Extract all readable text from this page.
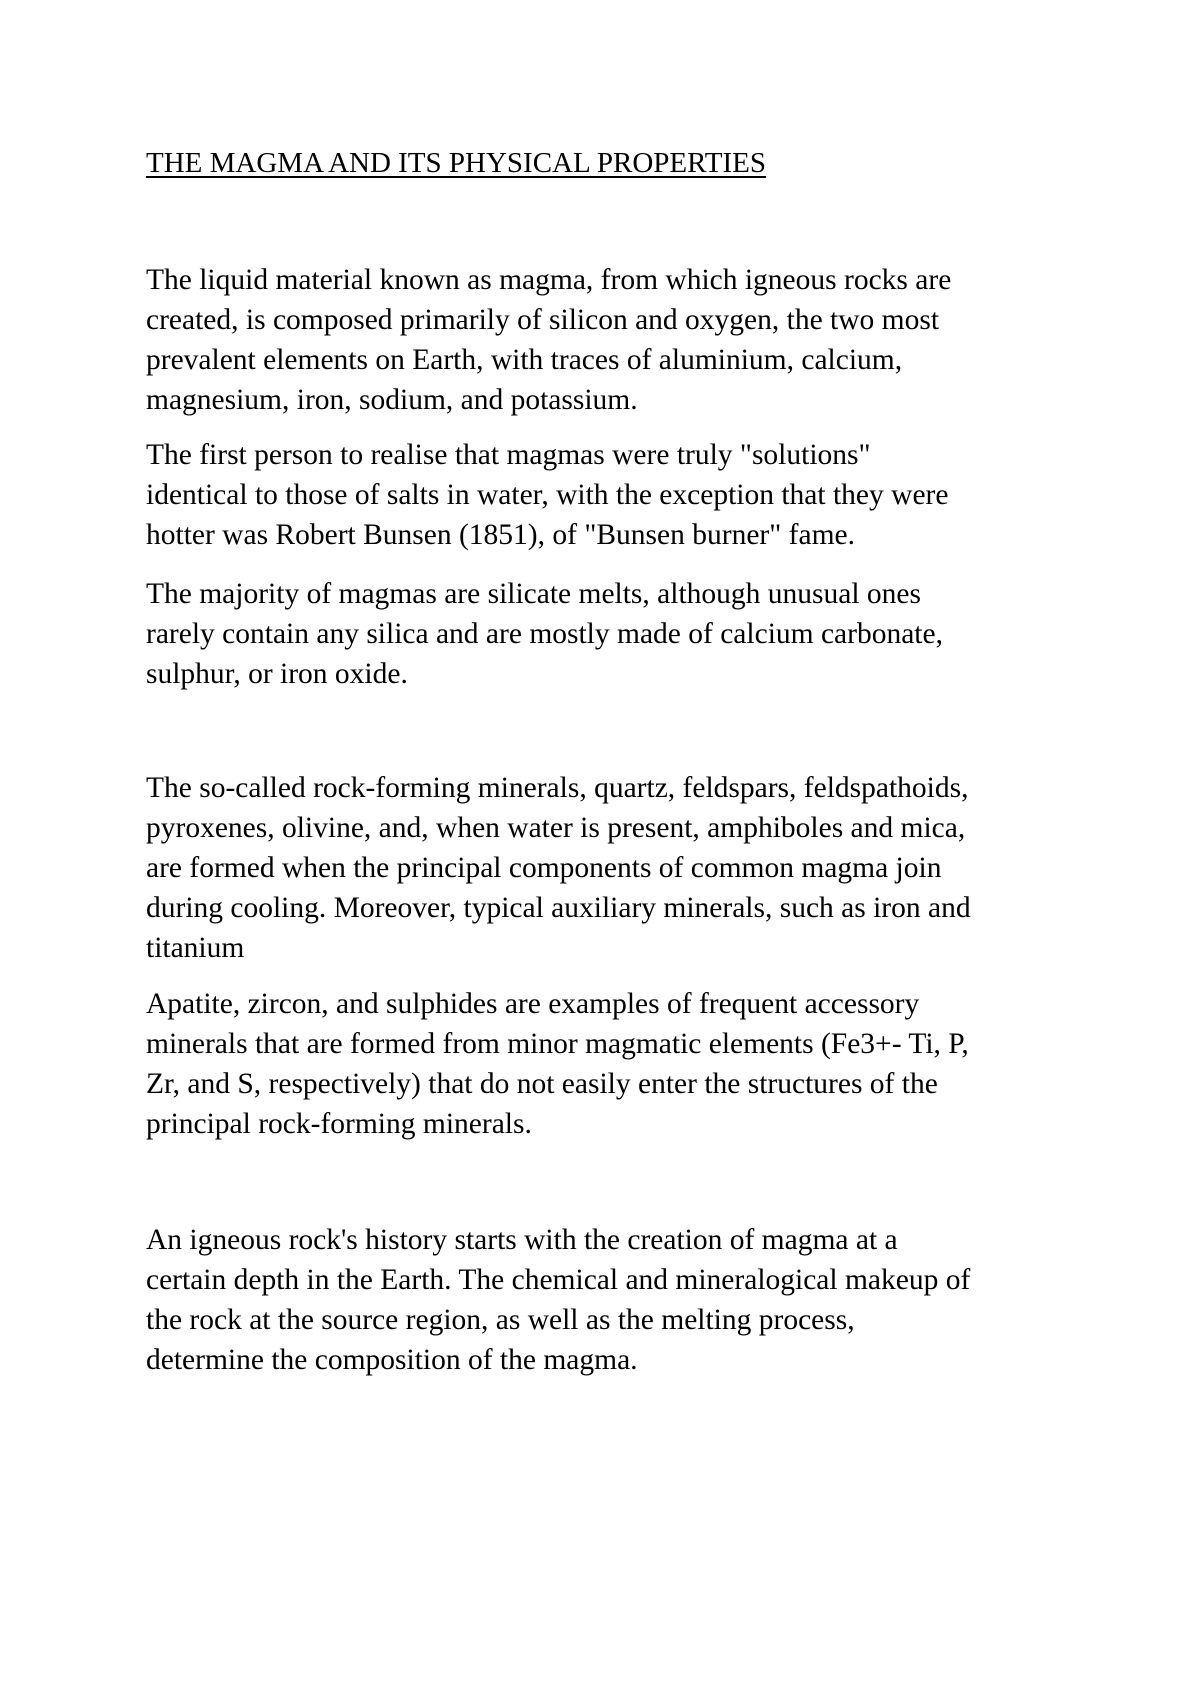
THE MAGMA AND ITS PHYSICAL PROPERTIES

The liquid material known as magma, from which igneous rocks are
created, is composed primarily of silicon and oxygen, the two most
prevalent elements on Earth, with traces of aluminium, calcium,
magnesium, iron, sodium, and potassium.

The first person to realise that magmas were truly "solutions"
identical to those of salts in water, with the exception that they were
hotter was Robert Bunsen (1851), of "Bunsen burner" fame.

The majority of magmas are silicate melts, although unusual ones
rarely contain any silica and are mostly made of calcium carbonate,
sulphur, or iron oxide.

The so-called rock-forming minerals, quartz, feldspars, feldspathoids,
pyroxenes, olivine, and, when water is present, amphiboles and mica,
are formed when the principal components of common magma join
during cooling. Moreover, typical auxiliary minerals, such as iron and
titanium

Apatite, zircon, and sulphides are examples of frequent accessory
minerals that are formed from minor magmatic elements (Fe3+- Ti, P,
Zr, and S, respectively) that do not easily enter the structures of the
principal rock-forming minerals.

An igneous rock's history starts with the creation of magma at a
certain depth in the Earth. The chemical and mineralogical makeup of
the rock at the source region, as well as the melting process,
determine the composition of the magma.
